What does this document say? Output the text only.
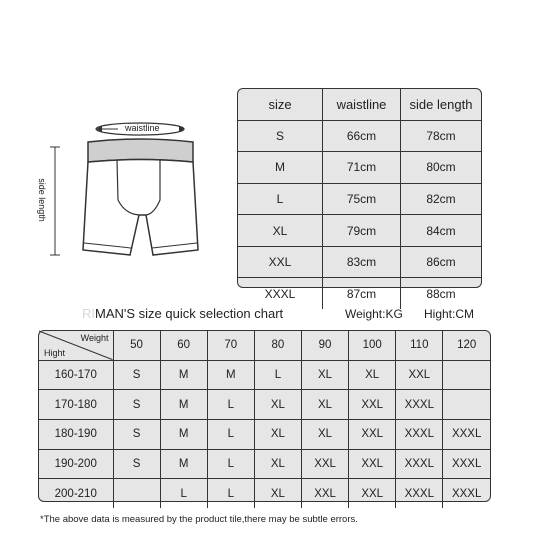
waistline
side length
size	waistline	side length
S	66cm	78cm
M	71cm	80cm
L	75cm	82cm
XL	79cm	84cm
XXL	83cm	86cm
XXXL	87cm	88cm
RIMAN'S size quick selection chart	Weight:KG Hight:CM
Weight
Hight	50	60	70	80	90	100	110	120
160-170	S	M	M	L	XL	XL	XXL	
170-180	S	M	L	XL	XL	XXL	XXXL	
180-190	S	M	L	XL	XL	XXL	XXXL	XXXL
190-200	S	M	L	XL	XXL	XXL	XXXL	XXXL
200-210		L	L	XL	XXL	XXL	XXXL	XXXL
*The above data is measured by the product tile,there may be subtle errors.
